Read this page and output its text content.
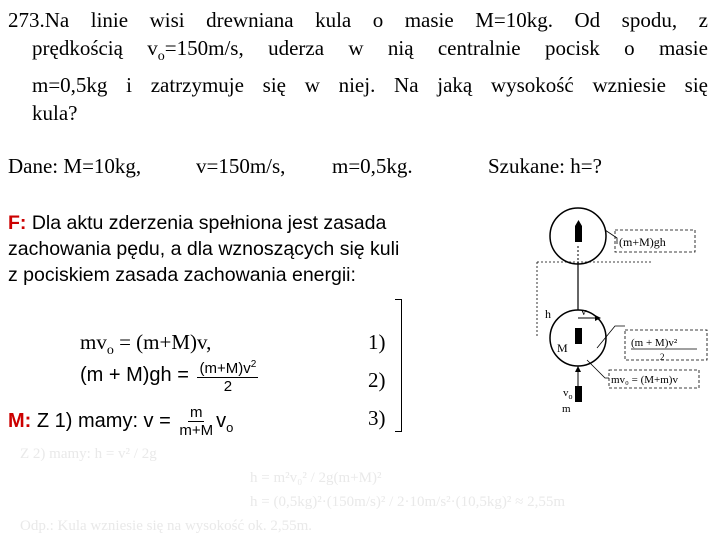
273.Na linie wisi drewniana kula o masie M=10kg. Od spodu, z
prędkością $v_o=150m/s$, uderza w nią centralnie pocisk o masie
m=0,5kg i zatrzymuje się w niej. Na jaką wysokość wzniesie się
kula?
Dane: M=10kg,	v=150m/s, m=0,5kg.	Szukane: h=?
F: Dla aktu zderzenia spełniona jest zasada
zachowania pędu, a dla wznoszących się kuli
z pociskiem zasada zachowania energii:
$mv_o = (m+M)v$,	1)
$(m + M)gh = \frac{(m+M)v^2}{2}$	2)
M: Z 1) mamy: $v = \frac{m}{m+M} v_o$	3)
Z 2) mamy: h = v² / 2g
h = m²v₀² / 2g(m+M)²
h = (0,5kg)²·(150m/s)² / 2·10m/s²·(10,5kg)² ≈ 2,55m
Odp.: Kula wzniesie się na wysokość ok. 2,55m.
(m+M)gh
h
M
v
(m + M)v²
2
mv₀ = (M+m)v
$v_o$
m
